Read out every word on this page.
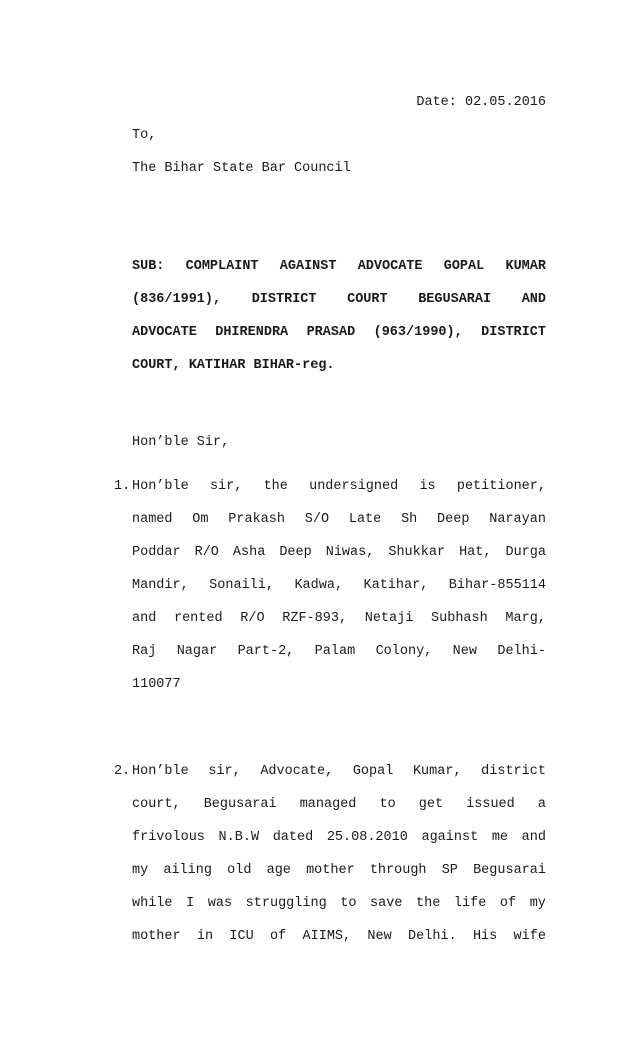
Date: 02.05.2016
To,
The Bihar State Bar Council
SUB: COMPLAINT AGAINST ADVOCATE GOPAL KUMAR
(836/1991), DISTRICT COURT BEGUSARAI AND
ADVOCATE DHIRENDRA PRASAD (963/1990), DISTRICT
COURT, KATIHAR BIHAR-reg.
Hon’ble Sir,
1. Hon’ble sir, the undersigned is petitioner,
named Om Prakash S/O Late Sh Deep Narayan
Poddar R/O Asha Deep Niwas, Shukkar Hat, Durga
Mandir, Sonaili, Kadwa, Katihar, Bihar-855114
and rented R/O RZF-893, Netaji Subhash Marg,
Raj Nagar Part-2, Palam Colony, New Delhi-
110077
2. Hon’ble sir, Advocate, Gopal Kumar, district
court, Begusarai managed to get issued a
frivolous N.B.W dated 25.08.2010 against me and
my ailing old age mother through SP Begusarai
while I was struggling to save the life of my
mother in ICU of AIIMS, New Delhi. His wife
